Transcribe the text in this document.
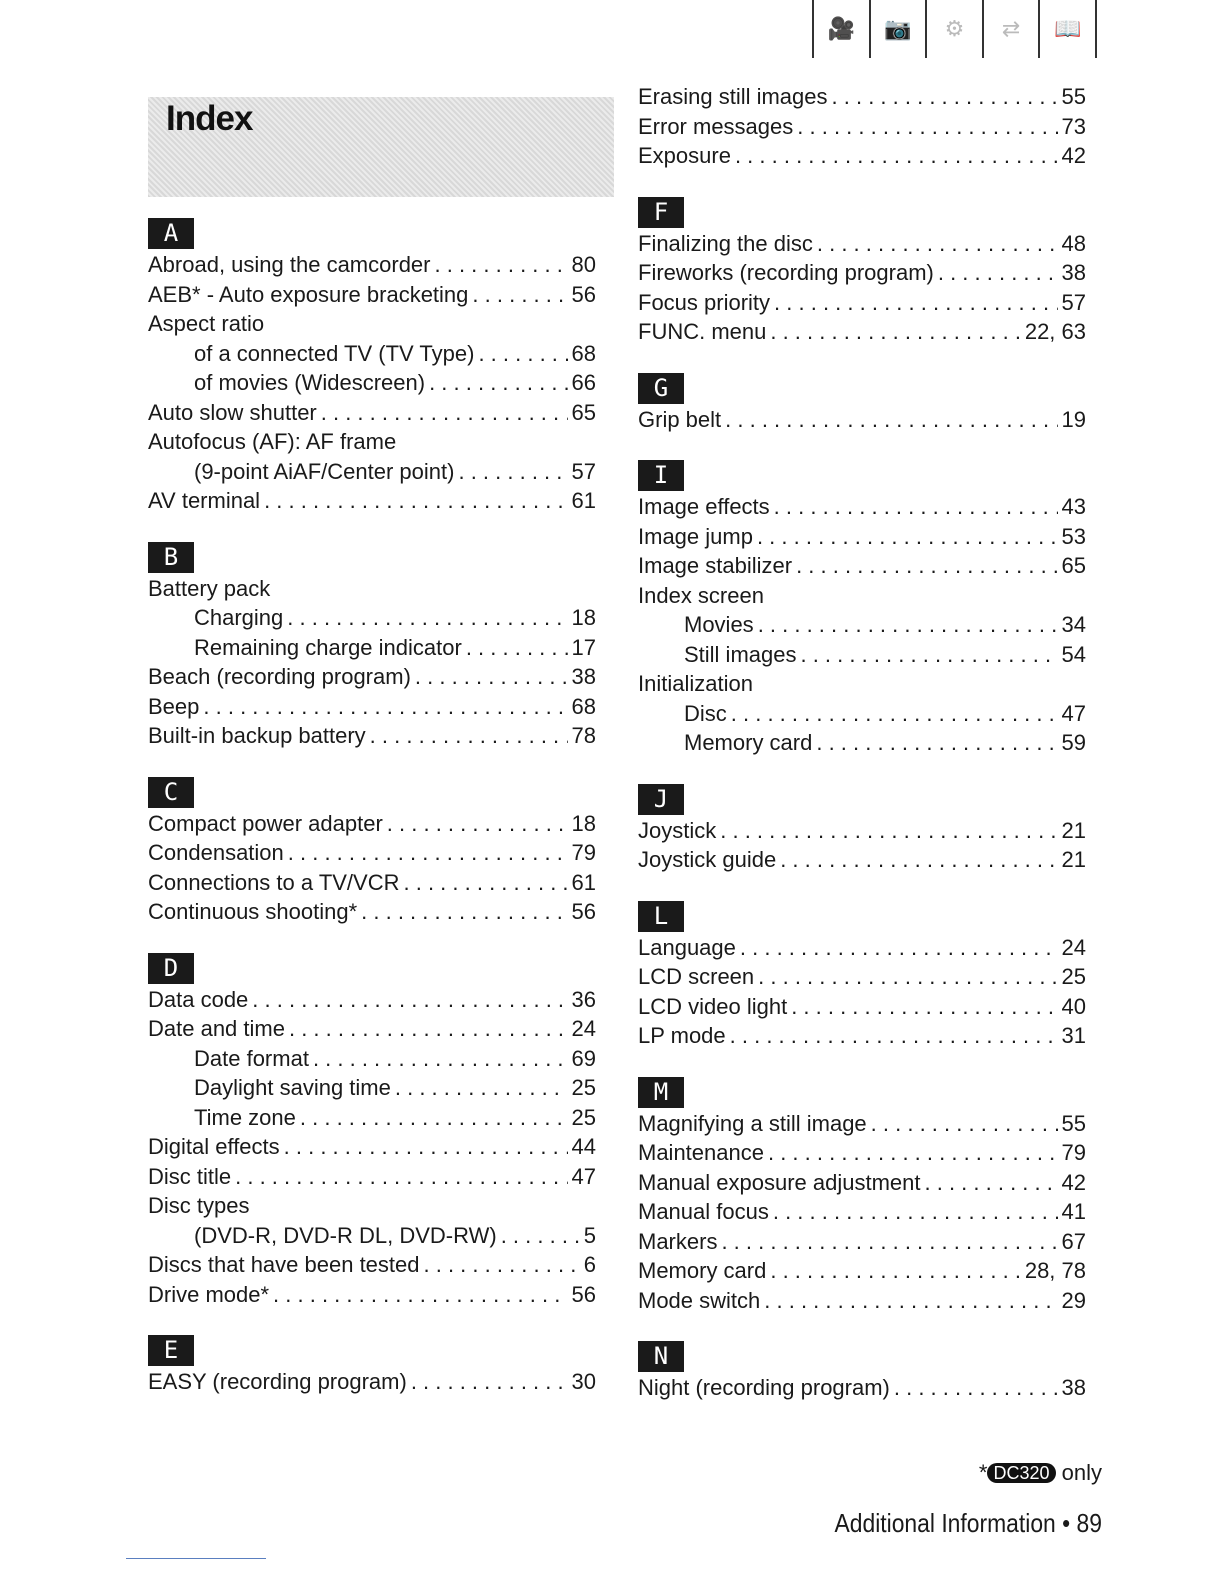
🎥	📷	⚙	⇄	📖
Index
A
Abroad, using the camcorder . . .	80
AEB* - Auto exposure bracketing . . .	56
Aspect ratio
of a connected TV (TV Type) . . .	68
of movies (Widescreen) . . .	66
Auto slow shutter . . .	65
Autofocus (AF): AF frame
(9-point AiAF/Center point) . . .	57
AV terminal . . .	61
B
Battery pack
Charging . . .	18
Remaining charge indicator . . .	17
Beach (recording program) . . .	38
Beep . . .	68
Built-in backup battery . . .	78
C
Compact power adapter . . .	18
Condensation . . .	79
Connections to a TV/VCR . . .	61
Continuous shooting* . . .	56
D
Data code . . .	36
Date and time . . .	24
Date format . . .	69
Daylight saving time . . .	25
Time zone . . .	25
Digital effects . . .	44
Disc title . . .	47
Disc types
(DVD-R, DVD-R DL, DVD-RW) . . .	5
Discs that have been tested . . .	6
Drive mode* . . .	56
E
EASY (recording program) . . .	30
Erasing still images . . .	55
Error messages . . .	73
Exposure . . .	42
F
Finalizing the disc . . .	48
Fireworks (recording program) . . .	38
Focus priority . . .	57
FUNC. menu . . .	22, 63
G
Grip belt . . .	19
I
Image effects . . .	43
Image jump . . .	53
Image stabilizer . . .	65
Index screen
Movies . . .	34
Still images . . .	54
Initialization
Disc . . .	47
Memory card . . .	59
J
Joystick . . .	21
Joystick guide . . .	21
L
Language . . .	24
LCD screen . . .	25
LCD video light . . .	40
LP mode . . .	31
M
Magnifying a still image . . .	55
Maintenance . . .	79
Manual exposure adjustment . . .	42
Manual focus . . .	41
Markers . . .	67
Memory card . . .	28, 78
Mode switch . . .	29
N
Night (recording program) . . .	38
* DC320 only
Additional Information • 89
